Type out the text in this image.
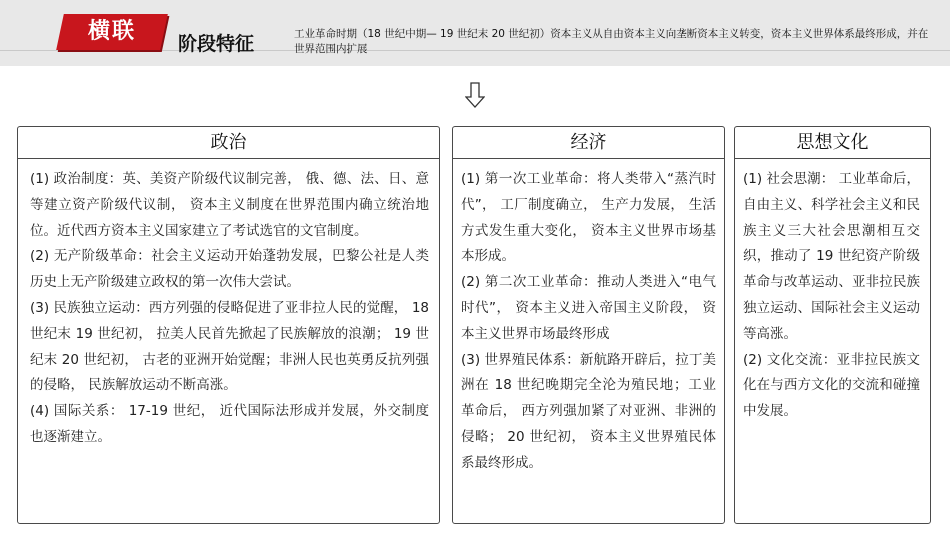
横联	阶段特征	工业革命时期（18 世纪中期— 19 世纪末 20 世纪初）资本主义从自由资本主义向垄断资本主义转变，资本主义世界体系最终形成，并在世界范围内扩展
政治

(1) 政治制度：英、美资产阶级代议制完善， 俄、德、法、日、意等建立资产阶级代议制， 资本主义制度在世界范围内确立统治地位。近代西方资本主义国家建立了考试选官的文官制度。

(2) 无产阶级革命：社会主义运动开始蓬勃发展，巴黎公社是人类历史上无产阶级建立政权的第一次伟大尝试。

(3) 民族独立运动：西方列强的侵略促进了亚非拉人民的觉醒， 18 世纪末 19 世纪初， 拉美人民首先掀起了民族解放的浪潮； 19 世纪末 20 世纪初， 古老的亚洲开始觉醒；非洲人民也英勇反抗列强的侵略， 民族解放运动不断高涨。

(4) 国际关系： 17-19 世纪， 近代国际法形成并发展，外交制度也逐渐建立。

经济

(1) 第一次工业革命：将人类带入“蒸汽时代”， 工厂制度确立， 生产力发展， 生活方式发生重大变化， 资本主义世界市场基本形成。

(2) 第二次工业革命：推动人类进入“电气时代”， 资本主义进入帝国主义阶段， 资本主义世界市场最终形成

(3) 世界殖民体系：新航路开辟后，拉丁美洲在 18 世纪晚期完全沦为殖民地；工业革命后， 西方列强加紧了对亚洲、非洲的侵略； 20 世纪初， 资本主义世界殖民体系最终形成。

思想文化

(1) 社会思潮： 工业革命后， 自由主义、科学社会主义和民族主义三大社会思潮相互交织，推动了 19 世纪资产阶级革命与改革运动、亚非拉民族独立运动、国际社会主义运动等高涨。

(2) 文化交流：亚非拉民族文化在与西方文化的交流和碰撞中发展。
